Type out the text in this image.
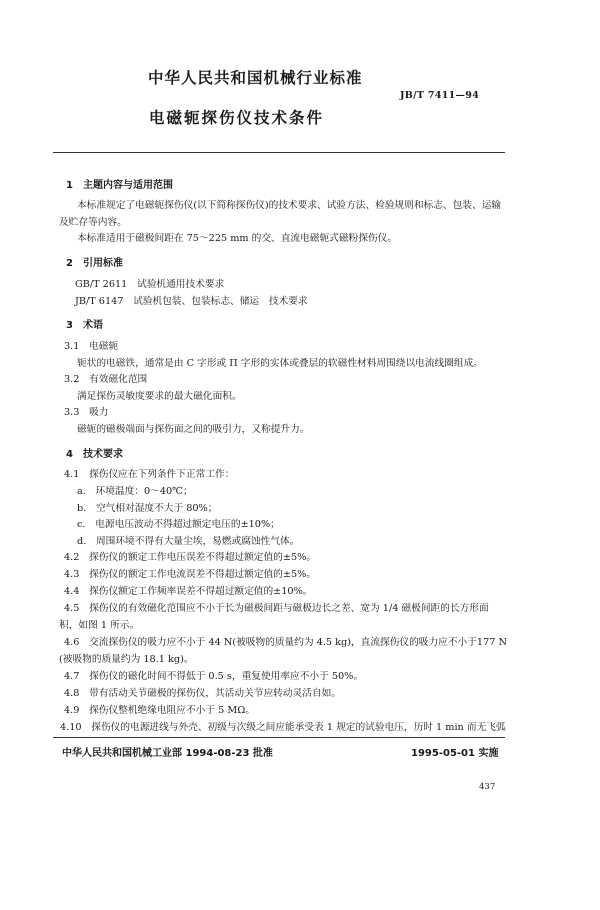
中华人民共和国机械行业标准
JB/T 7411—94
电磁轭探伤仪技术条件
1　主题内容与适用范围
本标准规定了电磁轭探伤仪(以下简称探伤仪)的技术要求、试验方法、检验规则和标志、包装、运输
及贮存等内容。
本标准适用于磁极间距在 75～225 mm 的交、直流电磁轭式磁粉探伤仪。
2　引用标准
GB/T 2611　试验机通用技术要求
JB/T 6147　试验机包装、包装标志、储运　技术要求
3　术语
3.1　电磁轭
轭状的电磁铁，通常是由 C 字形或 Π 字形的实体或叠层的软磁性材料周围绕以电流线圈组成。
3.2　有效磁化范围
满足探伤灵敏度要求的最大磁化面积。
3.3　吸力
磁轭的磁极端面与探伤面之间的吸引力，又称提升力。
4　技术要求
4.1　探伤仪应在下列条件下正常工作：
a.　环境温度：0～40℃；
b.　空气相对湿度不大于 80%；
c.　电源电压波动不得超过额定电压的±10%；
d.　周围环境不得有大量尘埃，易燃或腐蚀性气体。
4.2　探伤仪的额定工作电压误差不得超过额定值的±5%。
4.3　探伤仪的额定工作电流误差不得超过额定值的±5%。
4.4　探伤仪额定工作频率误差不得超过额定值的±10%。
4.5　探伤仪的有效磁化范围应不小于长为磁极间距与磁极边长之差、宽为 1/4 磁极间距的长方形面
积，如图 1 所示。
4.6　交流探伤仪的吸力应不小于 44 N(被吸物的质量约为 4.5 kg)，直流探伤仪的吸力应不小于177 N
(被吸物的质量约为 18.1 kg)。
4.7　探伤仪的磁化时间不得低于 0.5 s，重复使用率应不小于 50%。
4.8　带有活动关节磁极的探伤仪，其活动关节应转动灵活自如。
4.9　探伤仪整机绝缘电阻应不小于 5 MΩ。
4.10　探伤仪的电源进线与外壳、初级与次级之间应能承受表 1 规定的试验电压，历时 1 min 而无飞弧
中华人民共和国机械工业部 1994-08-23 批准	1995-05-01 实施
437
